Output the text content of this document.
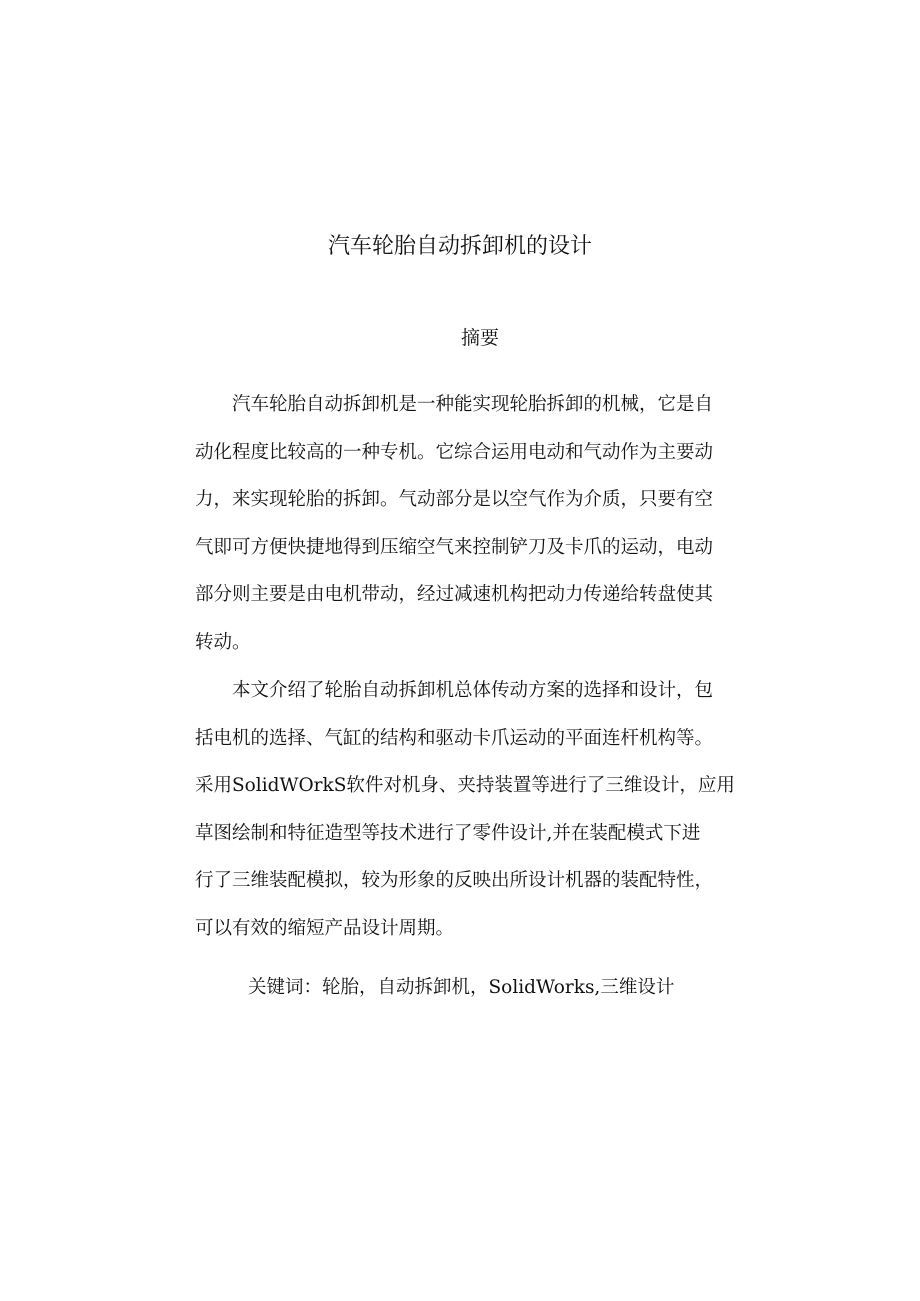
汽车轮胎自动拆卸机的设计
摘要
　　汽车轮胎自动拆卸机是一种能实现轮胎拆卸的机械，它是自
动化程度比较高的一种专机。它综合运用电动和气动作为主要动
力，来实现轮胎的拆卸。气动部分是以空气作为介质，只要有空
气即可方便快捷地得到压缩空气来控制铲刀及卡爪的运动，电动
部分则主要是由电机带动，经过减速机构把动力传递给转盘使其
转动。
　　本文介绍了轮胎自动拆卸机总体传动方案的选择和设计，包
括电机的选择、气缸的结构和驱动卡爪运动的平面连杆机构等。
采用SolidWOrkS软件对机身、夹持装置等进行了三维设计，应用
草图绘制和特征造型等技术进行了零件设计,并在装配模式下进
行了三维装配模拟，较为形象的反映出所设计机器的装配特性，
可以有效的缩短产品设计周期。
关键词：轮胎，自动拆卸机，SolidWorks,三维设计
